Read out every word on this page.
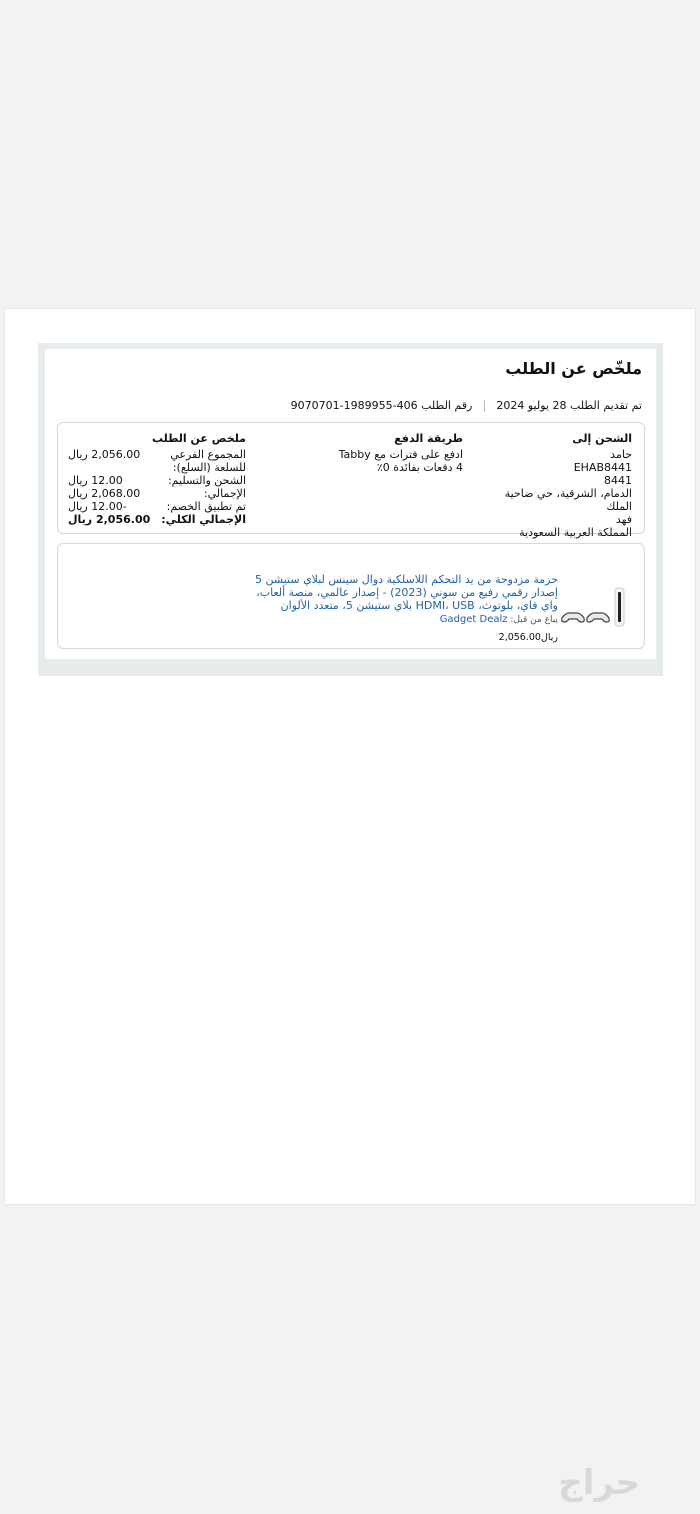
ملخّص عن الطلب
تم تقديم الطلب 28 يوليو 2024  رقم الطلب 406-1989955-9070701
الشحن إلى

حامد

EHAB8441

8441

الدمام، الشرقية، حي ضاحية الملك

فهد

المملكة العربية السعودية

طريقة الدفع

ادفع على فترات مع Tabby

4 دفعات بفائدة 0٪

ملخص عن الطلب
المجموع الفرعي للسلعة (السلع):
2,056.00 ريال
الشحن والتسليم:
12.00 ريال
الإجمالي:
2,068.00 ريال
تم تطبيق الخصم:
-12.00 ريال
الإجمالي الكلي:
2,056.00 ريال

حزمة مزدوجة من يد التحكم اللاسلكية دوال سينس لبلاي ستيشن 5 إصدار رقمي رفيع من سوني (2023) - إصدار عالمي، منصة ألعاب، واي فاي، بلوتوث، HDMI، USB بلاي ستيشن 5، متعدد الألوان

يباع من قبل: Gadget Dealz
2,056.00ريال
حراج
